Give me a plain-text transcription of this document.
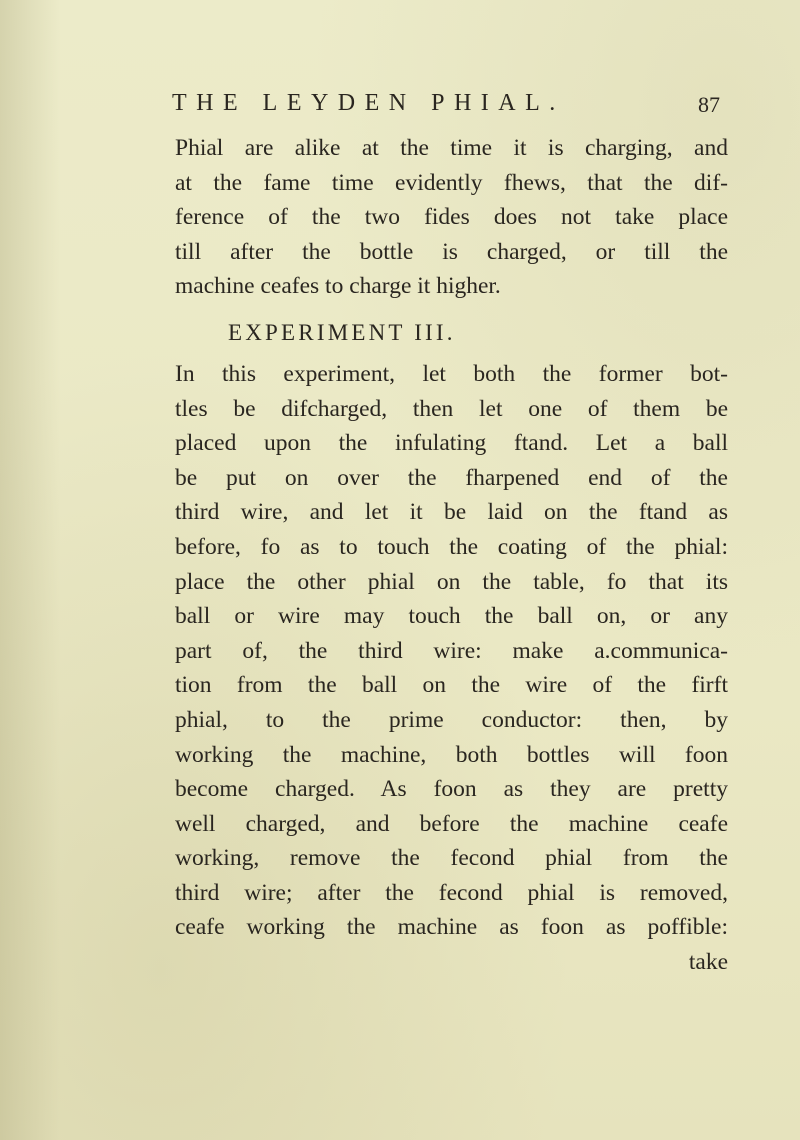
THE LEYDEN PHIAL.	87
Phial are alike at the time it is charging, and
at the fame time evidently fhews, that the dif-
ference of the two fides does not take place
till after the bottle is charged, or till the
machine ceafes to charge it higher.
EXPERIMENT III.
In this experiment, let both the former bot-
tles be difcharged, then let one of them be
placed upon the infulating ftand. Let a ball
be put on over the fharpened end of the
third wire, and let it be laid on the ftand as
before, fo as to touch the coating of the phial:
place the other phial on the table, fo that its
ball or wire may touch the ball on, or any
part of, the third wire: make a.communica-
tion from the ball on the wire of the firft
phial, to the prime conductor: then, by
working the machine, both bottles will foon
become charged. As foon as they are pretty
well charged, and before the machine ceafe
working, remove the fecond phial from the
third wire; after the fecond phial is removed,
ceafe working the machine as foon as poffible:
take
